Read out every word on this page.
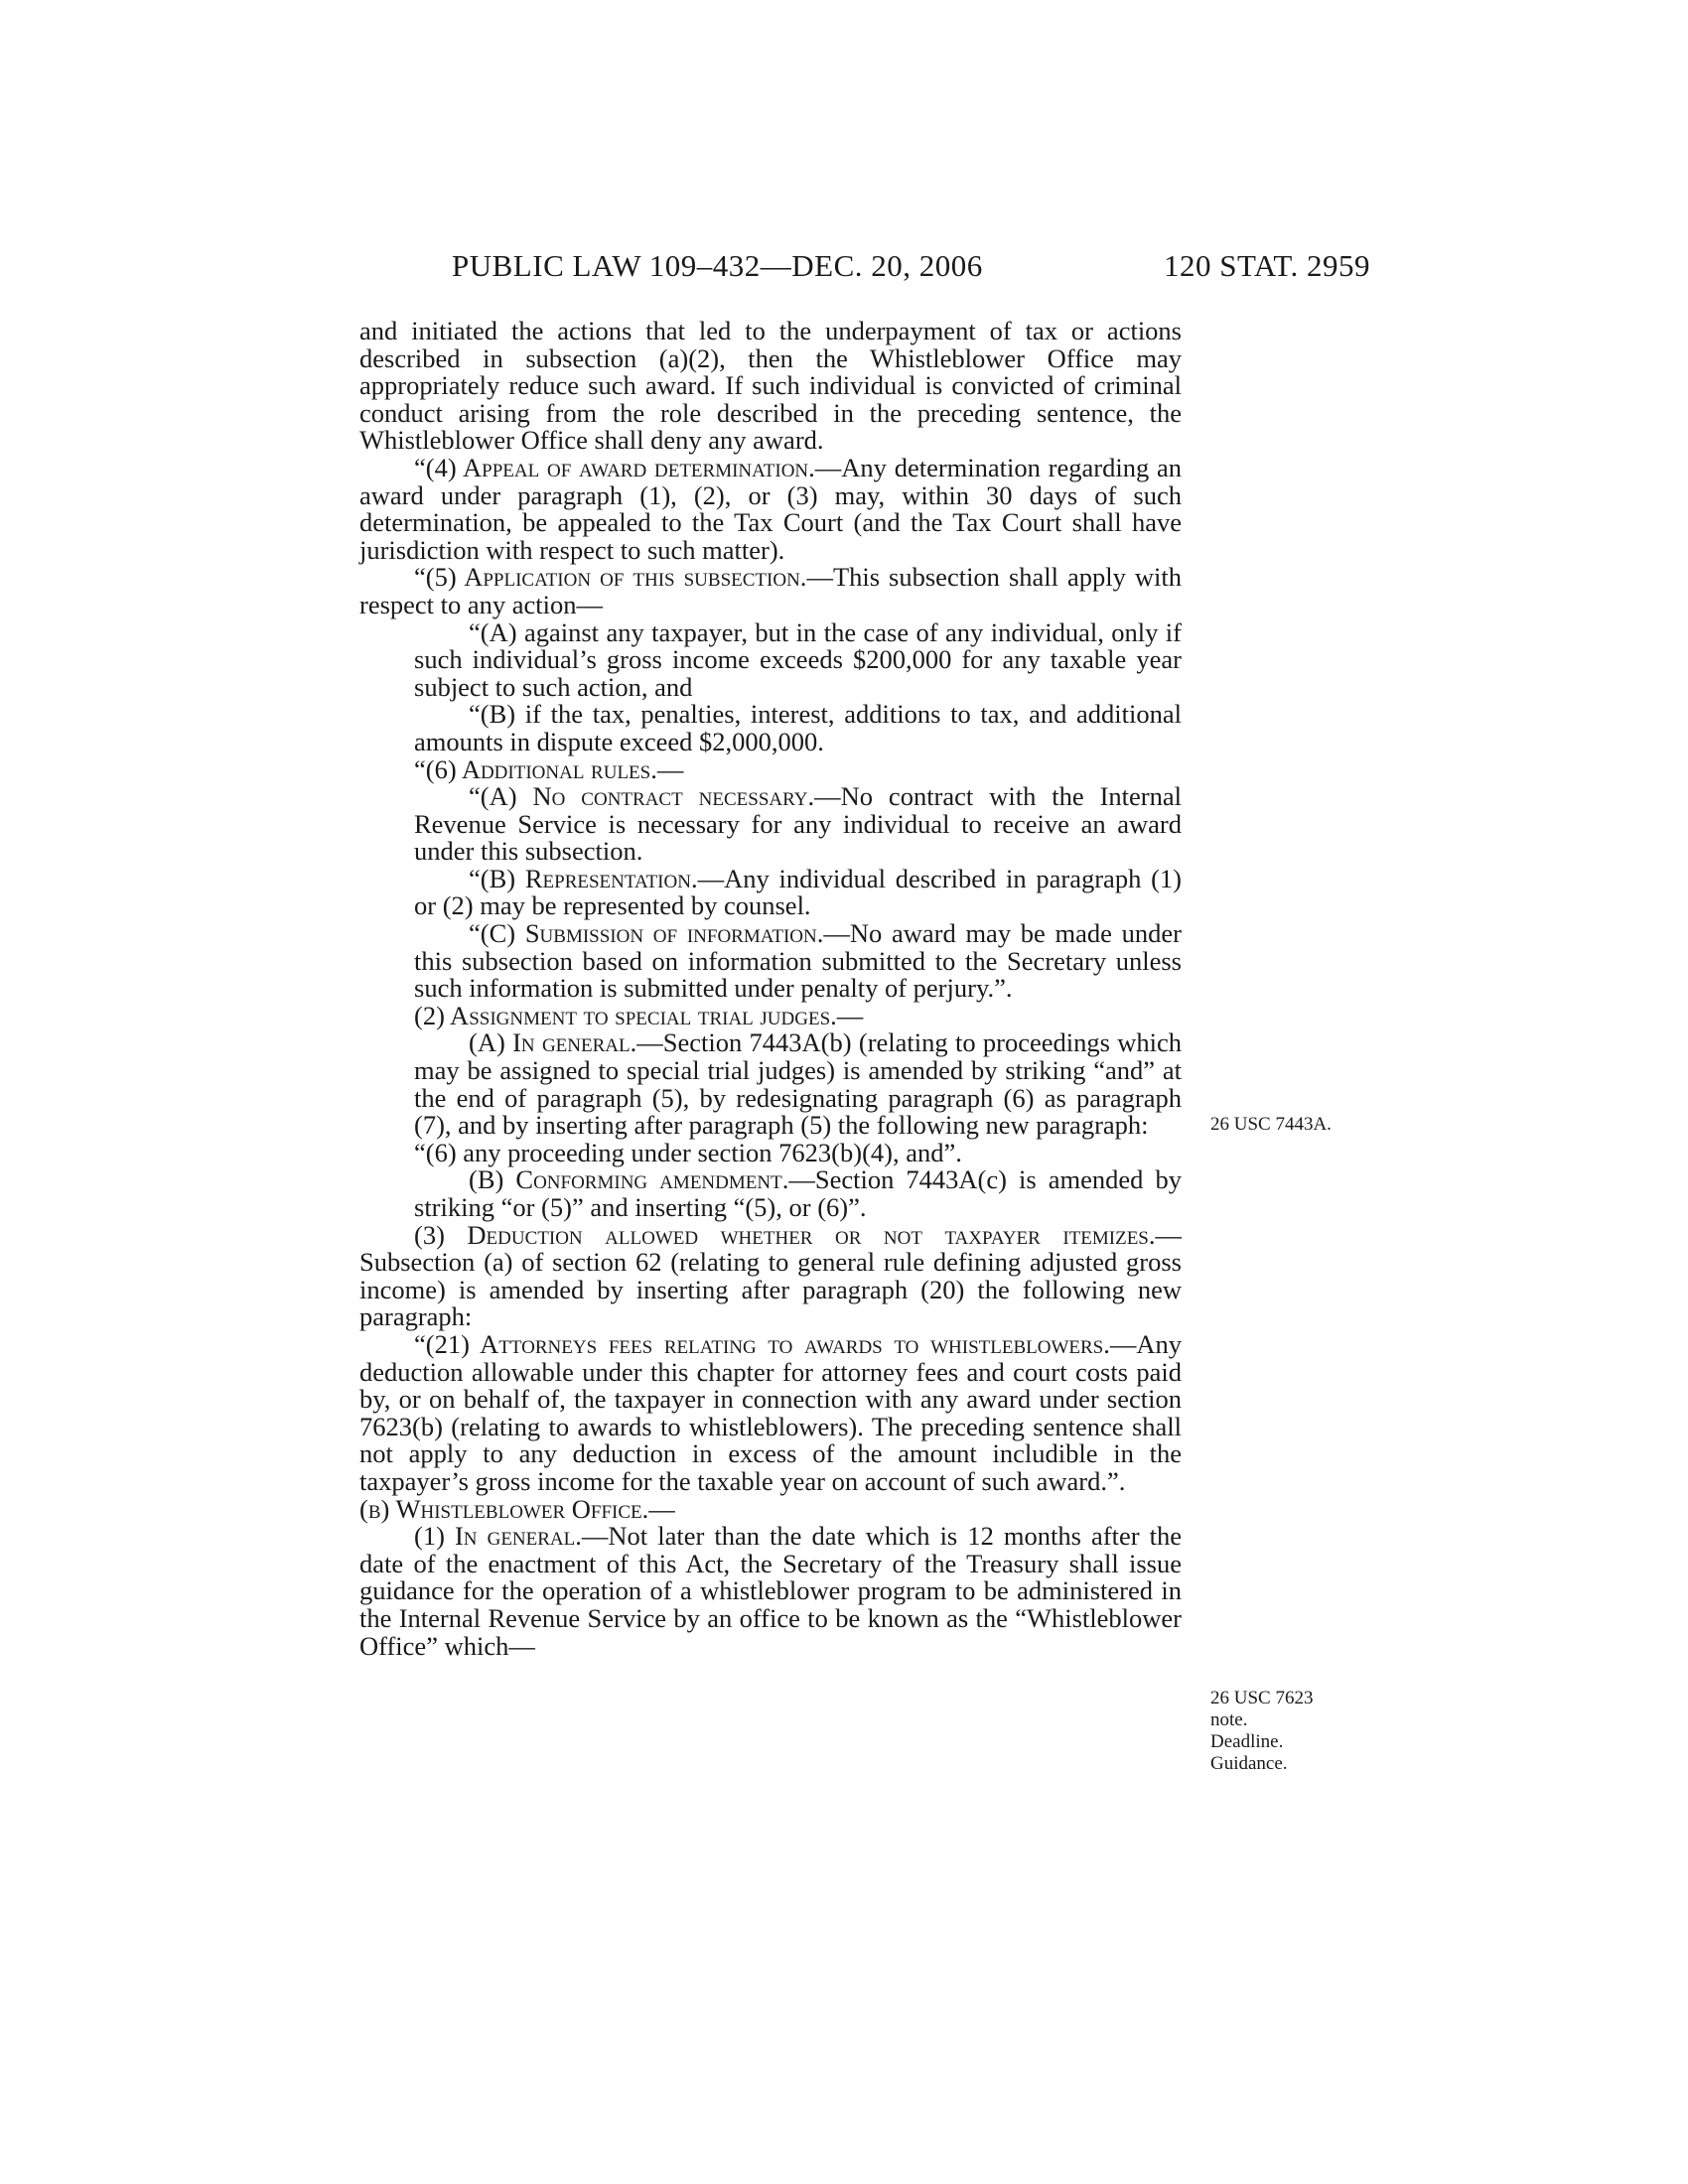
PUBLIC LAW 109–432—DEC. 20, 2006	120 STAT. 2959

and initiated the actions that led to the underpayment of tax or actions described in subsection (a)(2), then the Whistleblower Office may appropriately reduce such award. If such individual is convicted of criminal conduct arising from the role described in the preceding sentence, the Whistleblower Office shall deny any award.

“(4) Appeal of award determination.—Any determination regarding an award under paragraph (1), (2), or (3) may, within 30 days of such determination, be appealed to the Tax Court (and the Tax Court shall have jurisdiction with respect to such matter).

“(5) Application of this subsection.—This subsection shall apply with respect to any action—

“(A) against any taxpayer, but in the case of any individual, only if such individual’s gross income exceeds $200,000 for any taxable year subject to such action, and

“(B) if the tax, penalties, interest, additions to tax, and additional amounts in dispute exceed $2,000,000.

“(6) Additional rules.—

“(A) No contract necessary.—No contract with the Internal Revenue Service is necessary for any individual to receive an award under this subsection.

“(B) Representation.—Any individual described in paragraph (1) or (2) may be represented by counsel.

“(C) Submission of information.—No award may be made under this subsection based on information submitted to the Secretary unless such information is submitted under penalty of perjury.”.

(2) Assignment to special trial judges.—

(A) In general.—Section 7443A(b) (relating to proceedings which may be assigned to special trial judges) is amended by striking “and” at the end of paragraph (5), by redesignating paragraph (6) as paragraph (7), and by inserting after paragraph (5) the following new paragraph:

“(6) any proceeding under section 7623(b)(4), and”.

(B) Conforming amendment.—Section 7443A(c) is amended by striking “or (5)” and inserting “(5), or (6)”.

(3) Deduction allowed whether or not taxpayer itemizes.—Subsection (a) of section 62 (relating to general rule defining adjusted gross income) is amended by inserting after paragraph (20) the following new paragraph:

“(21) Attorneys fees relating to awards to whistleblowers.—Any deduction allowable under this chapter for attorney fees and court costs paid by, or on behalf of, the taxpayer in connection with any award under section 7623(b) (relating to awards to whistleblowers). The preceding sentence shall not apply to any deduction in excess of the amount includible in the taxpayer’s gross income for the taxable year on account of such award.”.

(b) Whistleblower Office.—

(1) In general.—Not later than the date which is 12 months after the date of the enactment of this Act, the Secretary of the Treasury shall issue guidance for the operation of a whistleblower program to be administered in the Internal Revenue Service by an office to be known as the “Whistleblower Office” which—

26 USC 7443A.
26 USC 7623
note.
Deadline.
Guidance.
